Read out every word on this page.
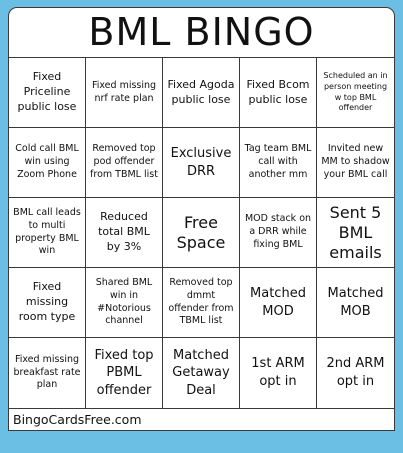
BML BINGO
Fixed Priceline public lose
Fixed missing nrf rate plan
Fixed Agoda public lose
Fixed Bcom public lose
Scheduled an in person meeting w top BML offender
Cold call BML win using Zoom Phone
Removed top pod offender from TBML list
Exclusive DRR
Tag team BML call with another mm
Invited new MM to shadow your BML call
BML call leads to multi property BML win
Reduced total BML by 3%
Free Space
MOD stack on a DRR while fixing BML
Sent 5 BML emails
Fixed missing room type
Shared BML win in #Notorious channel
Removed top dmmt offender from TBML list
Matched MOD
Matched MOB
Fixed missing breakfast rate plan
Fixed top PBML offender
Matched Getaway Deal
1st ARM opt in
2nd ARM opt in
BingoCardsFree.com
